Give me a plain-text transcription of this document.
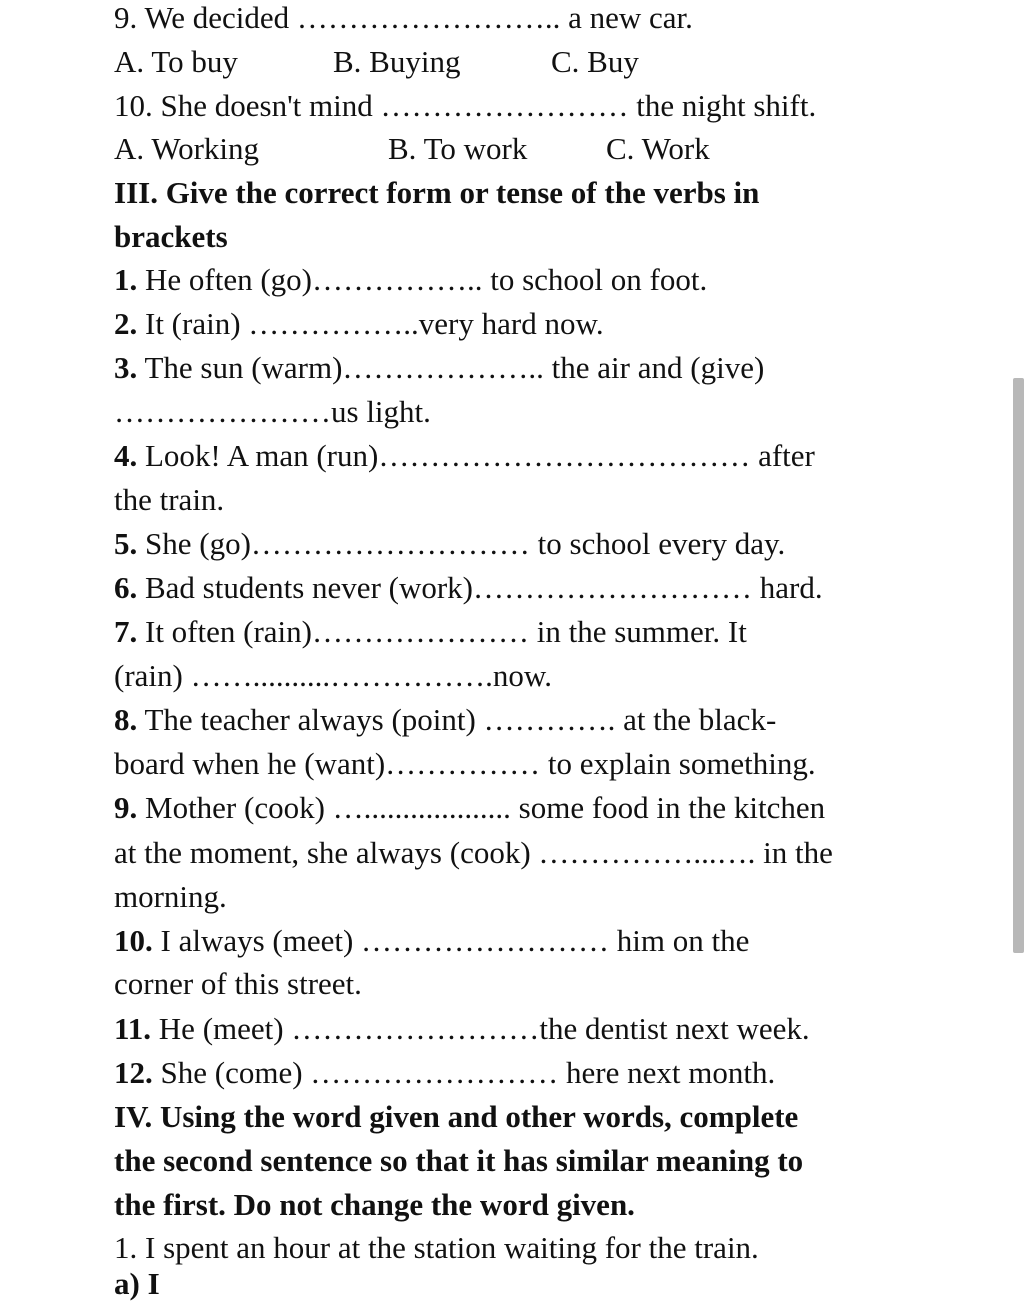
9. We decided …………………….. a new car.
A. To buy	B. Buying	C. Buy
10. She doesn't mind …………………… the night shift.
A. Working	B. To work	C. Work
III. Give the correct form or tense of the verbs in
brackets
1. He often (go)…………….. to school on foot.
2. It (rain) ……………..very hard now.
3. The sun (warm)……………….. the air and (give)
…………………us light.
4. Look! A man (run)……………………………… after
the train.
5. She (go)……………………… to school every day.
6. Bad students never (work)……………………… hard.
7. It often (rain)………………… in the summer. It
(rain) ……..........…………….now.
8. The teacher always (point) …………. at the black-
board when he (want)…………… to explain something.
9. Mother (cook) …................... some food in the kitchen
at the moment, she always (cook) ……………...…. in the
morning.
10. I always (meet) …………………… him on the
corner of this street.
11. He (meet) ……………………the dentist next week.
12. She (come) …………………… here next month.
IV. Using the word given and other words, complete
the second sentence so that it has similar meaning to
the first. Do not change the word given.
1. I spent an hour at the station waiting for the train.
a) I
